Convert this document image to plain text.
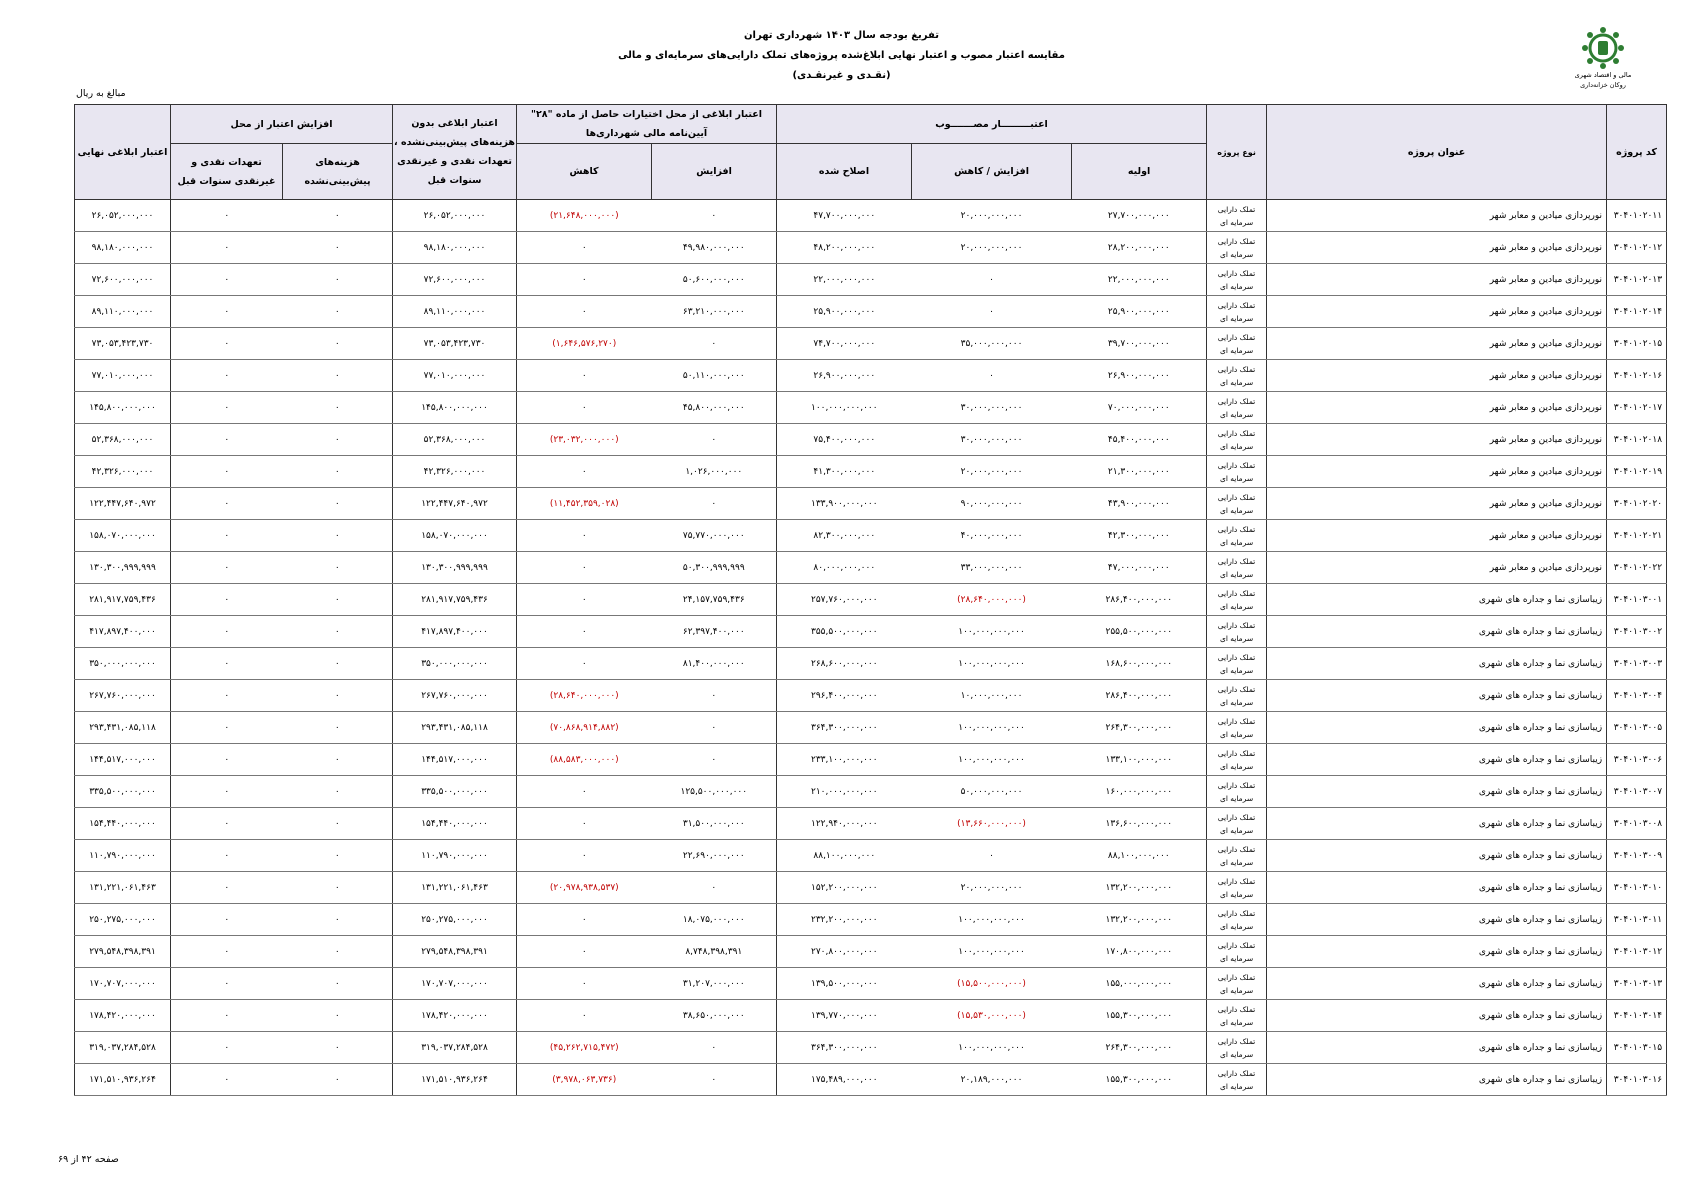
مالی و اقتصاد شهری
روکان خزانه‌داری
تفریغ بودجه سال ۱۴۰۳ شهرداری تهران
مقایسه اعتبار مصوب و اعتبار نهایی ابلاغ‌شده پروژه‌های تملک دارایی‌های سرمایه‌ای و مالی
(نقـدی و غیرنقـدی)
مبالغ به ریال
کد پروژه	عنوان پروژه	نوع پروژه	اعتبـــــــــار مصـــــــوب			اعتبار ابلاغی از محل اختیارات حاصل از ماده "۲۸" آیین‌نامه مالی شهرداری‌ها		اعتبار ابلاغی بدون هزینه‌های پیش‌بینی‌نشده ، تعهدات نقدی و غیرنقدی سنوات قبل	افزایش اعتبار از محل		اعتبار ابلاغی نهایی
			اولیه	افزایش / کاهش	اصلاح شده	افزایش	کاهش		هزینه‌های پیش‌بینی‌نشده	تعهدات نقدی و غیرنقدی سنوات قبل	
۳۰۴۰۱۰۲۰۱۱	نورپردازی میادین و معابر شهر	تملک دارایی سرمایه ای	۲۷,۷۰۰,۰۰۰,۰۰۰	۲۰,۰۰۰,۰۰۰,۰۰۰	۴۷,۷۰۰,۰۰۰,۰۰۰	۰	(۲۱,۶۴۸,۰۰۰,۰۰۰)	۲۶,۰۵۲,۰۰۰,۰۰۰	۰	۰	۲۶,۰۵۲,۰۰۰,۰۰۰
۳۰۴۰۱۰۲۰۱۲	نورپردازی میادین و معابر شهر	تملک دارایی سرمایه ای	۲۸,۲۰۰,۰۰۰,۰۰۰	۲۰,۰۰۰,۰۰۰,۰۰۰	۴۸,۲۰۰,۰۰۰,۰۰۰	۴۹,۹۸۰,۰۰۰,۰۰۰	۰	۹۸,۱۸۰,۰۰۰,۰۰۰	۰	۰	۹۸,۱۸۰,۰۰۰,۰۰۰
۳۰۴۰۱۰۲۰۱۳	نورپردازی میادین و معابر شهر	تملک دارایی سرمایه ای	۲۲,۰۰۰,۰۰۰,۰۰۰	۰	۲۲,۰۰۰,۰۰۰,۰۰۰	۵۰,۶۰۰,۰۰۰,۰۰۰	۰	۷۲,۶۰۰,۰۰۰,۰۰۰	۰	۰	۷۲,۶۰۰,۰۰۰,۰۰۰
۳۰۴۰۱۰۲۰۱۴	نورپردازی میادین و معابر شهر	تملک دارایی سرمایه ای	۲۵,۹۰۰,۰۰۰,۰۰۰	۰	۲۵,۹۰۰,۰۰۰,۰۰۰	۶۳,۲۱۰,۰۰۰,۰۰۰	۰	۸۹,۱۱۰,۰۰۰,۰۰۰	۰	۰	۸۹,۱۱۰,۰۰۰,۰۰۰
۳۰۴۰۱۰۲۰۱۵	نورپردازی میادین و معابر شهر	تملک دارایی سرمایه ای	۳۹,۷۰۰,۰۰۰,۰۰۰	۳۵,۰۰۰,۰۰۰,۰۰۰	۷۴,۷۰۰,۰۰۰,۰۰۰	۰	(۱,۶۴۶,۵۷۶,۲۷۰)	۷۳,۰۵۳,۴۲۳,۷۳۰	۰	۰	۷۳,۰۵۳,۴۲۳,۷۳۰
۳۰۴۰۱۰۲۰۱۶	نورپردازی میادین و معابر شهر	تملک دارایی سرمایه ای	۲۶,۹۰۰,۰۰۰,۰۰۰	۰	۲۶,۹۰۰,۰۰۰,۰۰۰	۵۰,۱۱۰,۰۰۰,۰۰۰	۰	۷۷,۰۱۰,۰۰۰,۰۰۰	۰	۰	۷۷,۰۱۰,۰۰۰,۰۰۰
۳۰۴۰۱۰۲۰۱۷	نورپردازی میادین و معابر شهر	تملک دارایی سرمایه ای	۷۰,۰۰۰,۰۰۰,۰۰۰	۳۰,۰۰۰,۰۰۰,۰۰۰	۱۰۰,۰۰۰,۰۰۰,۰۰۰	۴۵,۸۰۰,۰۰۰,۰۰۰	۰	۱۴۵,۸۰۰,۰۰۰,۰۰۰	۰	۰	۱۴۵,۸۰۰,۰۰۰,۰۰۰
۳۰۴۰۱۰۲۰۱۸	نورپردازی میادین و معابر شهر	تملک دارایی سرمایه ای	۴۵,۴۰۰,۰۰۰,۰۰۰	۳۰,۰۰۰,۰۰۰,۰۰۰	۷۵,۴۰۰,۰۰۰,۰۰۰	۰	(۲۳,۰۳۲,۰۰۰,۰۰۰)	۵۲,۳۶۸,۰۰۰,۰۰۰	۰	۰	۵۲,۳۶۸,۰۰۰,۰۰۰
۳۰۴۰۱۰۲۰۱۹	نورپردازی میادین و معابر شهر	تملک دارایی سرمایه ای	۲۱,۳۰۰,۰۰۰,۰۰۰	۲۰,۰۰۰,۰۰۰,۰۰۰	۴۱,۳۰۰,۰۰۰,۰۰۰	۱,۰۲۶,۰۰۰,۰۰۰	۰	۴۲,۳۲۶,۰۰۰,۰۰۰	۰	۰	۴۲,۳۲۶,۰۰۰,۰۰۰
۳۰۴۰۱۰۲۰۲۰	نورپردازی میادین و معابر شهر	تملک دارایی سرمایه ای	۴۳,۹۰۰,۰۰۰,۰۰۰	۹۰,۰۰۰,۰۰۰,۰۰۰	۱۳۳,۹۰۰,۰۰۰,۰۰۰	۰	(۱۱,۴۵۲,۳۵۹,۰۲۸)	۱۲۲,۴۴۷,۶۴۰,۹۷۲	۰	۰	۱۲۲,۴۴۷,۶۴۰,۹۷۲
۳۰۴۰۱۰۲۰۲۱	نورپردازی میادین و معابر شهر	تملک دارایی سرمایه ای	۴۲,۳۰۰,۰۰۰,۰۰۰	۴۰,۰۰۰,۰۰۰,۰۰۰	۸۲,۳۰۰,۰۰۰,۰۰۰	۷۵,۷۷۰,۰۰۰,۰۰۰	۰	۱۵۸,۰۷۰,۰۰۰,۰۰۰	۰	۰	۱۵۸,۰۷۰,۰۰۰,۰۰۰
۳۰۴۰۱۰۲۰۲۲	نورپردازی میادین و معابر شهر	تملک دارایی سرمایه ای	۴۷,۰۰۰,۰۰۰,۰۰۰	۳۳,۰۰۰,۰۰۰,۰۰۰	۸۰,۰۰۰,۰۰۰,۰۰۰	۵۰,۳۰۰,۹۹۹,۹۹۹	۰	۱۳۰,۳۰۰,۹۹۹,۹۹۹	۰	۰	۱۳۰,۳۰۰,۹۹۹,۹۹۹
۳۰۴۰۱۰۳۰۰۱	زیباسازی نما و جداره های شهری	تملک دارایی سرمایه ای	۲۸۶,۴۰۰,۰۰۰,۰۰۰	(۲۸,۶۴۰,۰۰۰,۰۰۰)	۲۵۷,۷۶۰,۰۰۰,۰۰۰	۲۴,۱۵۷,۷۵۹,۴۳۶	۰	۲۸۱,۹۱۷,۷۵۹,۴۳۶	۰	۰	۲۸۱,۹۱۷,۷۵۹,۴۳۶
۳۰۴۰۱۰۳۰۰۲	زیباسازی نما و جداره های شهری	تملک دارایی سرمایه ای	۲۵۵,۵۰۰,۰۰۰,۰۰۰	۱۰۰,۰۰۰,۰۰۰,۰۰۰	۳۵۵,۵۰۰,۰۰۰,۰۰۰	۶۲,۳۹۷,۴۰۰,۰۰۰	۰	۴۱۷,۸۹۷,۴۰۰,۰۰۰	۰	۰	۴۱۷,۸۹۷,۴۰۰,۰۰۰
۳۰۴۰۱۰۳۰۰۳	زیباسازی نما و جداره های شهری	تملک دارایی سرمایه ای	۱۶۸,۶۰۰,۰۰۰,۰۰۰	۱۰۰,۰۰۰,۰۰۰,۰۰۰	۲۶۸,۶۰۰,۰۰۰,۰۰۰	۸۱,۴۰۰,۰۰۰,۰۰۰	۰	۳۵۰,۰۰۰,۰۰۰,۰۰۰	۰	۰	۳۵۰,۰۰۰,۰۰۰,۰۰۰
۳۰۴۰۱۰۳۰۰۴	زیباسازی نما و جداره های شهری	تملک دارایی سرمایه ای	۲۸۶,۴۰۰,۰۰۰,۰۰۰	۱۰,۰۰۰,۰۰۰,۰۰۰	۲۹۶,۴۰۰,۰۰۰,۰۰۰	۰	(۲۸,۶۴۰,۰۰۰,۰۰۰)	۲۶۷,۷۶۰,۰۰۰,۰۰۰	۰	۰	۲۶۷,۷۶۰,۰۰۰,۰۰۰
۳۰۴۰۱۰۳۰۰۵	زیباسازی نما و جداره های شهری	تملک دارایی سرمایه ای	۲۶۴,۳۰۰,۰۰۰,۰۰۰	۱۰۰,۰۰۰,۰۰۰,۰۰۰	۳۶۴,۳۰۰,۰۰۰,۰۰۰	۰	(۷۰,۸۶۸,۹۱۴,۸۸۲)	۲۹۳,۴۳۱,۰۸۵,۱۱۸	۰	۰	۲۹۳,۴۳۱,۰۸۵,۱۱۸
۳۰۴۰۱۰۳۰۰۶	زیباسازی نما و جداره های شهری	تملک دارایی سرمایه ای	۱۳۳,۱۰۰,۰۰۰,۰۰۰	۱۰۰,۰۰۰,۰۰۰,۰۰۰	۲۳۳,۱۰۰,۰۰۰,۰۰۰	۰	(۸۸,۵۸۳,۰۰۰,۰۰۰)	۱۴۴,۵۱۷,۰۰۰,۰۰۰	۰	۰	۱۴۴,۵۱۷,۰۰۰,۰۰۰
۳۰۴۰۱۰۳۰۰۷	زیباسازی نما و جداره های شهری	تملک دارایی سرمایه ای	۱۶۰,۰۰۰,۰۰۰,۰۰۰	۵۰,۰۰۰,۰۰۰,۰۰۰	۲۱۰,۰۰۰,۰۰۰,۰۰۰	۱۲۵,۵۰۰,۰۰۰,۰۰۰	۰	۳۳۵,۵۰۰,۰۰۰,۰۰۰	۰	۰	۳۳۵,۵۰۰,۰۰۰,۰۰۰
۳۰۴۰۱۰۳۰۰۸	زیباسازی نما و جداره های شهری	تملک دارایی سرمایه ای	۱۳۶,۶۰۰,۰۰۰,۰۰۰	(۱۳,۶۶۰,۰۰۰,۰۰۰)	۱۲۲,۹۴۰,۰۰۰,۰۰۰	۳۱,۵۰۰,۰۰۰,۰۰۰	۰	۱۵۴,۴۴۰,۰۰۰,۰۰۰	۰	۰	۱۵۴,۴۴۰,۰۰۰,۰۰۰
۳۰۴۰۱۰۳۰۰۹	زیباسازی نما و جداره های شهری	تملک دارایی سرمایه ای	۸۸,۱۰۰,۰۰۰,۰۰۰	۰	۸۸,۱۰۰,۰۰۰,۰۰۰	۲۲,۶۹۰,۰۰۰,۰۰۰	۰	۱۱۰,۷۹۰,۰۰۰,۰۰۰	۰	۰	۱۱۰,۷۹۰,۰۰۰,۰۰۰
۳۰۴۰۱۰۳۰۱۰	زیباسازی نما و جداره های شهری	تملک دارایی سرمایه ای	۱۳۲,۲۰۰,۰۰۰,۰۰۰	۲۰,۰۰۰,۰۰۰,۰۰۰	۱۵۲,۲۰۰,۰۰۰,۰۰۰	۰	(۲۰,۹۷۸,۹۳۸,۵۳۷)	۱۳۱,۲۲۱,۰۶۱,۴۶۳	۰	۰	۱۳۱,۲۲۱,۰۶۱,۴۶۳
۳۰۴۰۱۰۳۰۱۱	زیباسازی نما و جداره های شهری	تملک دارایی سرمایه ای	۱۳۲,۲۰۰,۰۰۰,۰۰۰	۱۰۰,۰۰۰,۰۰۰,۰۰۰	۲۳۲,۲۰۰,۰۰۰,۰۰۰	۱۸,۰۷۵,۰۰۰,۰۰۰	۰	۲۵۰,۲۷۵,۰۰۰,۰۰۰	۰	۰	۲۵۰,۲۷۵,۰۰۰,۰۰۰
۳۰۴۰۱۰۳۰۱۲	زیباسازی نما و جداره های شهری	تملک دارایی سرمایه ای	۱۷۰,۸۰۰,۰۰۰,۰۰۰	۱۰۰,۰۰۰,۰۰۰,۰۰۰	۲۷۰,۸۰۰,۰۰۰,۰۰۰	۸,۷۴۸,۳۹۸,۳۹۱	۰	۲۷۹,۵۴۸,۳۹۸,۳۹۱	۰	۰	۲۷۹,۵۴۸,۳۹۸,۳۹۱
۳۰۴۰۱۰۳۰۱۳	زیباسازی نما و جداره های شهری	تملک دارایی سرمایه ای	۱۵۵,۰۰۰,۰۰۰,۰۰۰	(۱۵,۵۰۰,۰۰۰,۰۰۰)	۱۳۹,۵۰۰,۰۰۰,۰۰۰	۳۱,۲۰۷,۰۰۰,۰۰۰	۰	۱۷۰,۷۰۷,۰۰۰,۰۰۰	۰	۰	۱۷۰,۷۰۷,۰۰۰,۰۰۰
۳۰۴۰۱۰۳۰۱۴	زیباسازی نما و جداره های شهری	تملک دارایی سرمایه ای	۱۵۵,۳۰۰,۰۰۰,۰۰۰	(۱۵,۵۳۰,۰۰۰,۰۰۰)	۱۳۹,۷۷۰,۰۰۰,۰۰۰	۳۸,۶۵۰,۰۰۰,۰۰۰	۰	۱۷۸,۴۲۰,۰۰۰,۰۰۰	۰	۰	۱۷۸,۴۲۰,۰۰۰,۰۰۰
۳۰۴۰۱۰۳۰۱۵	زیباسازی نما و جداره های شهری	تملک دارایی سرمایه ای	۲۶۴,۳۰۰,۰۰۰,۰۰۰	۱۰۰,۰۰۰,۰۰۰,۰۰۰	۳۶۴,۳۰۰,۰۰۰,۰۰۰	۰	(۴۵,۲۶۲,۷۱۵,۴۷۲)	۳۱۹,۰۳۷,۲۸۴,۵۲۸	۰	۰	۳۱۹,۰۳۷,۲۸۴,۵۲۸
۳۰۴۰۱۰۳۰۱۶	زیباسازی نما و جداره های شهری	تملک دارایی سرمایه ای	۱۵۵,۳۰۰,۰۰۰,۰۰۰	۲۰,۱۸۹,۰۰۰,۰۰۰	۱۷۵,۴۸۹,۰۰۰,۰۰۰	۰	(۳,۹۷۸,۰۶۳,۷۳۶)	۱۷۱,۵۱۰,۹۳۶,۲۶۴	۰	۰	۱۷۱,۵۱۰,۹۳۶,۲۶۴
صفحه ۴۲ از ۶۹
